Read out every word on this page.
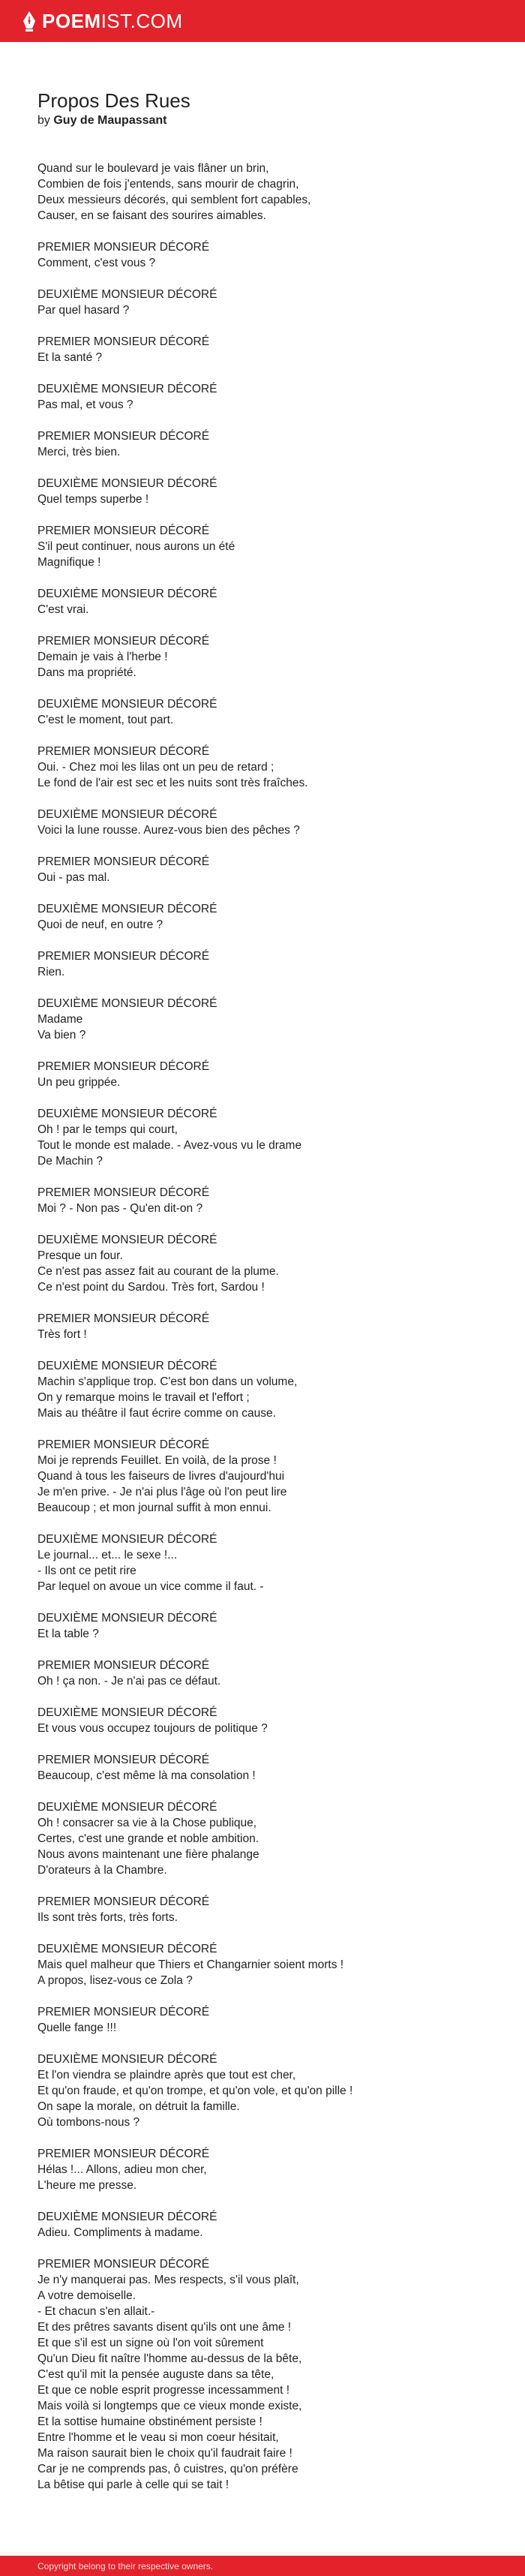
POEMIST.COM
Propos Des Rues
by Guy de Maupassant
Quand sur le boulevard je vais flâner un brin,
Combien de fois j'entends, sans mourir de chagrin,
Deux messieurs décorés, qui semblent fort capables,
Causer, en se faisant des sourires aimables.
PREMIER MONSIEUR DÉCORÉ
Comment, c'est vous ?
DEUXIÈME MONSIEUR DÉCORÉ
Par quel hasard ?
PREMIER MONSIEUR DÉCORÉ
Et la santé ?
DEUXIÈME MONSIEUR DÉCORÉ
Pas mal, et vous ?
PREMIER MONSIEUR DÉCORÉ
Merci, très bien.
DEUXIÈME MONSIEUR DÉCORÉ
Quel temps superbe !
PREMIER MONSIEUR DÉCORÉ
S'il peut continuer, nous aurons un été
Magnifique !
DEUXIÈME MONSIEUR DÉCORÉ
C'est vrai.
PREMIER MONSIEUR DÉCORÉ
Demain je vais à l'herbe !
Dans ma propriété.
DEUXIÈME MONSIEUR DÉCORÉ
C'est le moment, tout part.
PREMIER MONSIEUR DÉCORÉ
Oui. - Chez moi les lilas ont un peu de retard ;
Le fond de l'air est sec et les nuits sont très fraîches.
DEUXIÈME MONSIEUR DÉCORÉ
Voici la lune rousse. Aurez-vous bien des pêches ?
PREMIER MONSIEUR DÉCORÉ
Oui - pas mal.
DEUXIÈME MONSIEUR DÉCORÉ
Quoi de neuf, en outre ?
PREMIER MONSIEUR DÉCORÉ
Rien.
DEUXIÈME MONSIEUR DÉCORÉ
Madame
Va bien ?
PREMIER MONSIEUR DÉCORÉ
Un peu grippée.
DEUXIÈME MONSIEUR DÉCORÉ
Oh ! par le temps qui court,
Tout le monde est malade. - Avez-vous vu le drame
De Machin ?
PREMIER MONSIEUR DÉCORÉ
Moi ? - Non pas - Qu'en dit-on ?
DEUXIÈME MONSIEUR DÉCORÉ
Presque un four.
Ce n'est pas assez fait au courant de la plume.
Ce n'est point du Sardou. Très fort, Sardou !
PREMIER MONSIEUR DÉCORÉ
Très fort !
DEUXIÈME MONSIEUR DÉCORÉ
Machin s'applique trop. C'est bon dans un volume,
On y remarque moins le travail et l'effort ;
Mais au théâtre il faut écrire comme on cause.
PREMIER MONSIEUR DÉCORÉ
Moi je reprends Feuillet. En voilà, de la prose !
Quand à tous les faiseurs de livres d'aujourd'hui
Je m'en prive. - Je n'ai plus l'âge où l'on peut lire
Beaucoup ; et mon journal suffit à mon ennui.
DEUXIÈME MONSIEUR DÉCORÉ
Le journal... et... le sexe !...
- Ils ont ce petit rire
Par lequel on avoue un vice comme il faut. -
DEUXIÈME MONSIEUR DÉCORÉ
Et la table ?
PREMIER MONSIEUR DÉCORÉ
Oh ! ça non. - Je n'ai pas ce défaut.
DEUXIÈME MONSIEUR DÉCORÉ
Et vous vous occupez toujours de politique ?
PREMIER MONSIEUR DÉCORÉ
Beaucoup, c'est même là ma consolation !
DEUXIÈME MONSIEUR DÉCORÉ
Oh ! consacrer sa vie à la Chose publique,
Certes, c'est une grande et noble ambition.
Nous avons maintenant une fière phalange
D'orateurs à la Chambre.
PREMIER MONSIEUR DÉCORÉ
Ils sont très forts, très forts.
DEUXIÈME MONSIEUR DÉCORÉ
Mais quel malheur que Thiers et Changarnier soient morts !
A propos, lisez-vous ce Zola ?
PREMIER MONSIEUR DÉCORÉ
Quelle fange !!!
DEUXIÈME MONSIEUR DÉCORÉ
Et l'on viendra se plaindre après que tout est cher,
Et qu'on fraude, et qu'on trompe, et qu'on vole, et qu'on pille !
On sape la morale, on détruit la famille.
Où tombons-nous ?
PREMIER MONSIEUR DÉCORÉ
Hélas !... Allons, adieu mon cher,
L'heure me presse.
DEUXIÈME MONSIEUR DÉCORÉ
Adieu. Compliments à madame.
PREMIER MONSIEUR DÉCORÉ
Je n'y manquerai pas. Mes respects, s'il vous plaît,
A votre demoiselle.
- Et chacun s'en allait.-
Et des prêtres savants disent qu'ils ont une âme !
Et que s'il est un signe où l'on voit sûrement
Qu'un Dieu fit naître l'homme au-dessus de la bête,
C'est qu'il mit la pensée auguste dans sa tête,
Et que ce noble esprit progresse incessamment !
Mais voilà si longtemps que ce vieux monde existe,
Et la sottise humaine obstinément persiste !
Entre l'homme et le veau si mon coeur hésitait,
Ma raison saurait bien le choix qu'il faudrait faire !
Car je ne comprends pas, ô cuistres, qu'on préfère
La bêtise qui parle à celle qui se tait !
Copyright belong to their respective owners.
